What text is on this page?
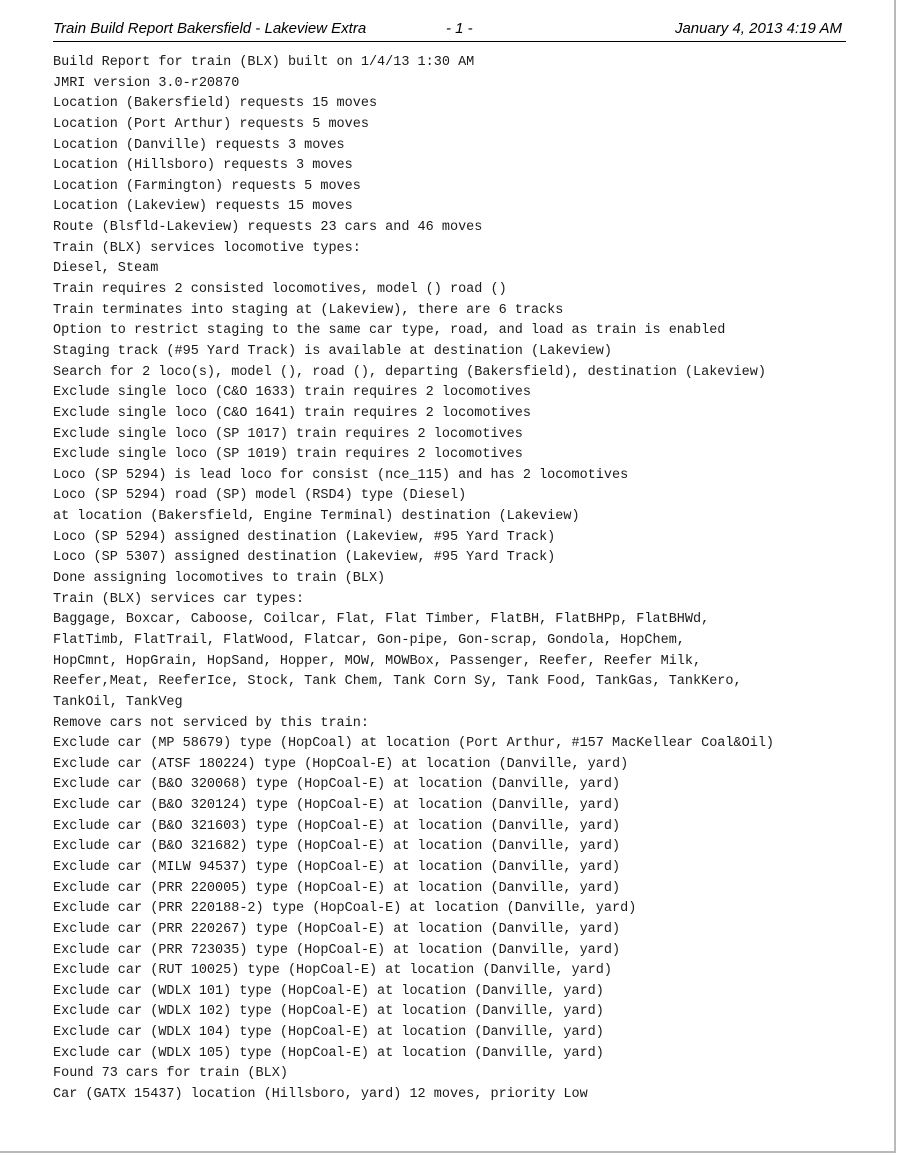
Train Build Report Bakersfield - Lakeview Extra	- 1 -	January 4, 2013 4:19 AM
Build Report for train (BLX) built on 1/4/13 1:30 AM
JMRI version 3.0-r20870
Location (Bakersfield) requests 15 moves
Location (Port Arthur) requests 5 moves
Location (Danville) requests 3 moves
Location (Hillsboro) requests 3 moves
Location (Farmington) requests 5 moves
Location (Lakeview) requests 15 moves
Route (Blsfld-Lakeview) requests 23 cars and 46 moves
Train (BLX) services locomotive types:
Diesel, Steam
Train requires 2 consisted locomotives, model () road ()
Train terminates into staging at (Lakeview), there are 6 tracks
Option to restrict staging to the same car type, road, and load as train is enabled
Staging track (#95 Yard Track) is available at destination (Lakeview)
Search for 2 loco(s), model (), road (), departing (Bakersfield), destination (Lakeview)
Exclude single loco (C&O 1633) train requires 2 locomotives
Exclude single loco (C&O 1641) train requires 2 locomotives
Exclude single loco (SP 1017) train requires 2 locomotives
Exclude single loco (SP 1019) train requires 2 locomotives
Loco (SP 5294) is lead loco for consist (nce_115) and has 2 locomotives
Loco (SP 5294) road (SP) model (RSD4) type (Diesel)
at location (Bakersfield, Engine Terminal) destination (Lakeview)
Loco (SP 5294) assigned destination (Lakeview, #95 Yard Track)
Loco (SP 5307) assigned destination (Lakeview, #95 Yard Track)
Done assigning locomotives to train (BLX)
Train (BLX) services car types:
Baggage, Boxcar, Caboose, Coilcar, Flat, Flat Timber, FlatBH, FlatBHPp, FlatBHWd,
FlatTimb, FlatTrail, FlatWood, Flatcar, Gon-pipe, Gon-scrap, Gondola, HopChem,
HopCmnt, HopGrain, HopSand, Hopper, MOW, MOWBox, Passenger, Reefer, Reefer Milk,
Reefer,Meat, ReeferIce, Stock, Tank Chem, Tank Corn Sy, Tank Food, TankGas, TankKero,
TankOil, TankVeg
Remove cars not serviced by this train:
Exclude car (MP 58679) type (HopCoal) at location (Port Arthur, #157 MacKellear Coal&Oil)
Exclude car (ATSF 180224) type (HopCoal-E) at location (Danville, yard)
Exclude car (B&O 320068) type (HopCoal-E) at location (Danville, yard)
Exclude car (B&O 320124) type (HopCoal-E) at location (Danville, yard)
Exclude car (B&O 321603) type (HopCoal-E) at location (Danville, yard)
Exclude car (B&O 321682) type (HopCoal-E) at location (Danville, yard)
Exclude car (MILW 94537) type (HopCoal-E) at location (Danville, yard)
Exclude car (PRR 220005) type (HopCoal-E) at location (Danville, yard)
Exclude car (PRR 220188-2) type (HopCoal-E) at location (Danville, yard)
Exclude car (PRR 220267) type (HopCoal-E) at location (Danville, yard)
Exclude car (PRR 723035) type (HopCoal-E) at location (Danville, yard)
Exclude car (RUT 10025) type (HopCoal-E) at location (Danville, yard)
Exclude car (WDLX 101) type (HopCoal-E) at location (Danville, yard)
Exclude car (WDLX 102) type (HopCoal-E) at location (Danville, yard)
Exclude car (WDLX 104) type (HopCoal-E) at location (Danville, yard)
Exclude car (WDLX 105) type (HopCoal-E) at location (Danville, yard)
Found 73 cars for train (BLX)
Car (GATX 15437) location (Hillsboro, yard) 12 moves, priority Low
